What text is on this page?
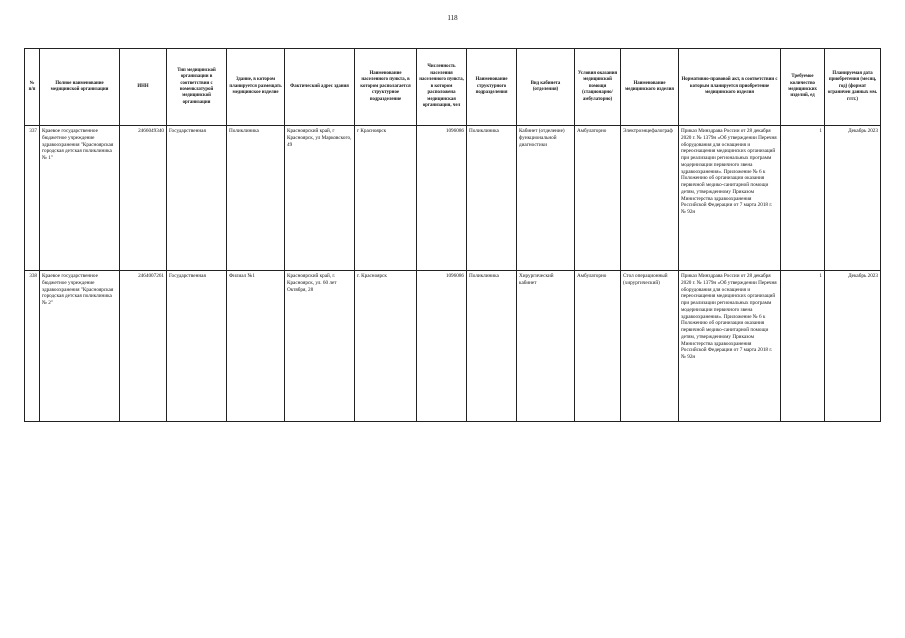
118
№ п/п	Полное наименование медицинской организации	ИНН	Тип медицинской организации в соответствии с номенклатурой медицинской организации	Здание, в котором планируется размещать медицинское изделие	Фактический адрес здания	Наименование населенного пункта, в котором располагается структурное подразделение	Численность населения населенного пункта, в котором расположена медицинская организация, чел	Наименование структурного подразделения	Вид кабинета (отделения)	Условия оказания медицинской помощи (стационарно/амбулаторно)	Наименование медицинского изделия	Нормативно-правовой акт, в соответствии с которым планируется приобретение медицинского изделия	Требуемое количество медицинских изделий, ед	Планируемая дата приобретения (месяц, год) (формат ограничен данных мм. гггг.)
337	Краевое государственное бюджетное учреждение здравоохранения "Красноярская городская детская поликлиника № 1"	2466049340	Государственная	Поликлиника	Красноярский край, г Красноярск, ул Марковского, 49	г Красноярск	1096086	Поликлиника	Кабинет (отделение) функциональной диагностики	Амбулаторно	Электроэнцефалограф	Приказ Минздрава России от 28 декабря 2020 г. № 1379н «Об утверждении Перечня оборудования для оснащения и переоснащения медицинских организаций при реализации региональных программ модернизации первичного звена здравоохранения». Приложение № 6 к Положению об организации оказания первичной медико-санитарной помощи детям, утвержденному Приказом Министерства здравоохранения Российской Федерации от 7 марта 2018 г. № 92н	1	Декабрь 2023
338	Краевое государственное бюджетное учреждение здравоохранения "Красноярская городская детская поликлиника № 2"	2464007261	Государственная	Филиал №1	Красноярский край, г. Красноярск, ул. 60 лет Октября, 28	г. Красноярск	1096086	Поликлиника	Хирургический кабинет	Амбулаторно	Стол операционный (хирургический)	Приказ Минздрава России от 28 декабря 2020 г. № 1379н «Об утверждении Перечня оборудования для оснащения и переоснащения медицинских организаций при реализации региональных программ модернизации первичного звена здравоохранения». Приложение № 6 к Положению об организации оказания первичной медико-санитарной помощи детям, утвержденному Приказом Министерства здравоохранения Российской Федерации от 7 марта 2018 г. № 92н	1	Декабрь 2023
